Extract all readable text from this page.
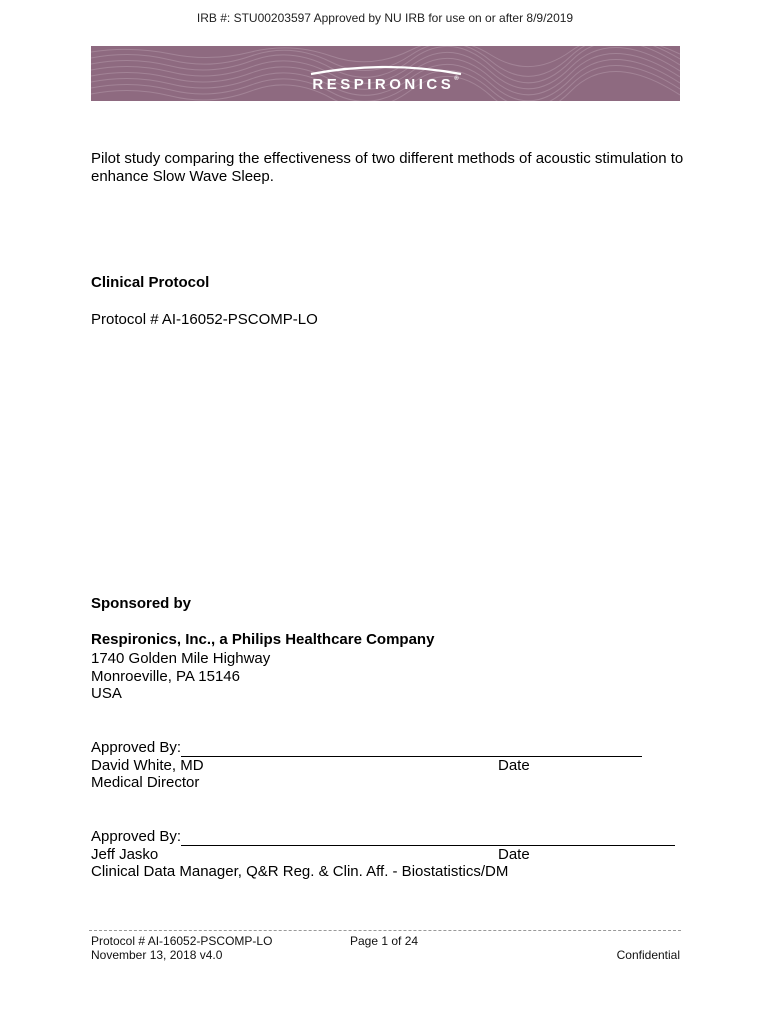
IRB #: STU00203597 Approved by NU IRB for use on or after 8/9/2019
RESPIRONICS®
Pilot study comparing the effectiveness of two different methods of acoustic stimulation to enhance Slow Wave Sleep.
Clinical Protocol
Protocol # AI-16052-PSCOMP-LO
Sponsored by
Respironics, Inc., a Philips Healthcare Company
1740 Golden Mile Highway
Monroeville, PA 15146
USA
Approved By:
David White, MD	Date
Medical Director
Approved By:
Jeff Jasko	Date
Clinical Data Manager, Q&R Reg. & Clin. Aff. - Biostatistics/DM
Protocol # AI-16052-PSCOMP-LO
November 13, 2018 v4.0
Page 1 of 24
Confidential
